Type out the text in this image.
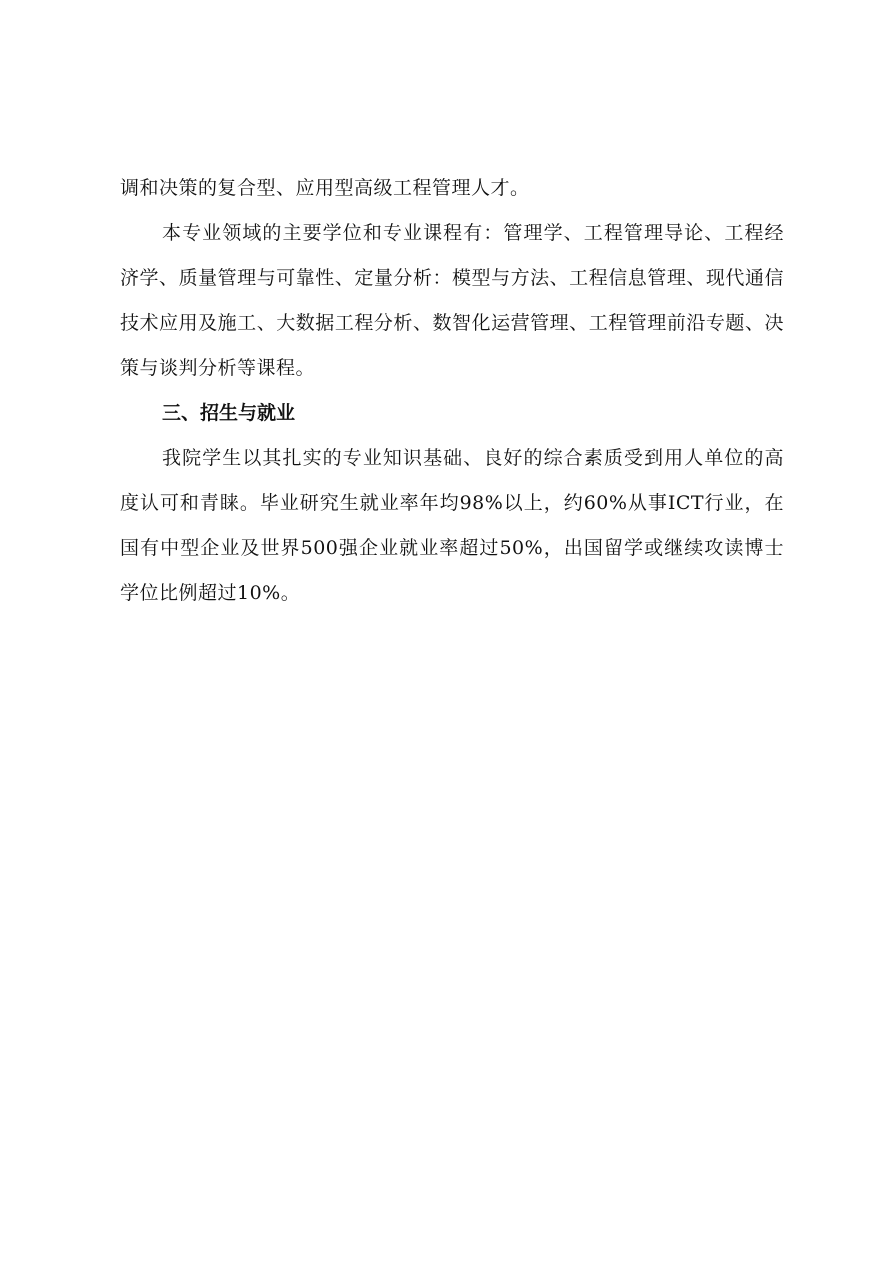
调和决策的复合型、应用型高级工程管理人才。

本专业领域的主要学位和专业课程有：管理学、工程管理导论、工程经济学、质量管理与可靠性、定量分析：模型与方法、工程信息管理、现代通信技术应用及施工、大数据工程分析、数智化运营管理、工程管理前沿专题、决策与谈判分析等课程。

三、招生与就业

我院学生以其扎实的专业知识基础、良好的综合素质受到用人单位的高度认可和青睐。毕业研究生就业率年均98%以上，约60%从事ICT行业，在国有中型企业及世界500强企业就业率超过50%，出国留学或继续攻读博士学位比例超过10%。
